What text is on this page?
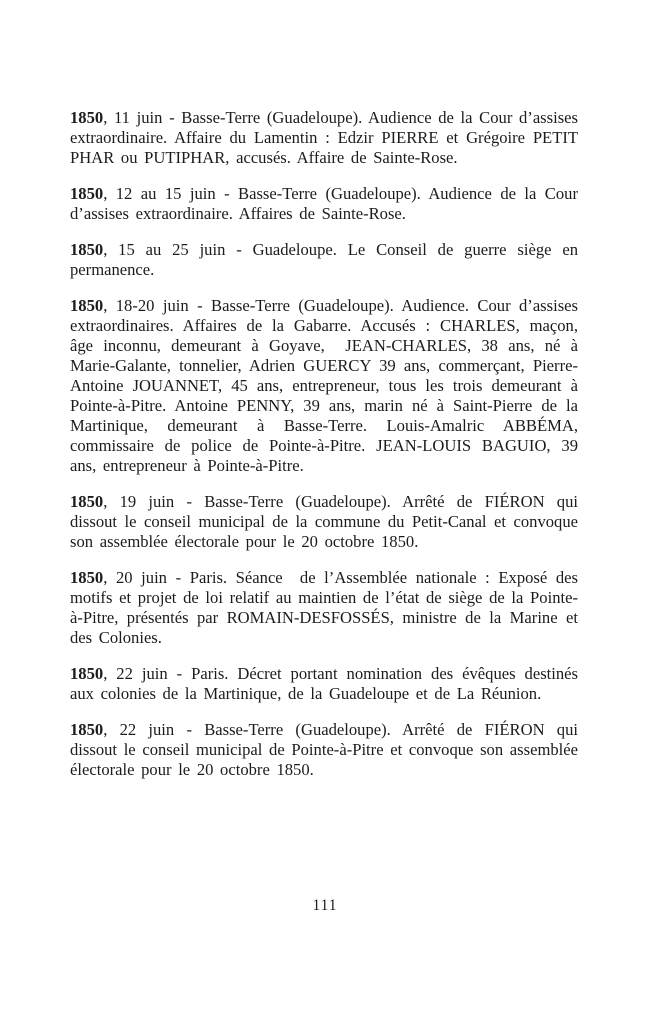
1850, 11 juin - Basse-Terre (Guadeloupe). Audience de la Cour d’assises extraordinaire. Affaire du Lamentin : Edzir PIERRE et Grégoire PETIT PHAR ou PUTIPHAR, accusés. Affaire de Sainte-Rose.

1850, 12 au 15 juin - Basse-Terre (Guadeloupe). Audience de la Cour d’assises extraordinaire. Affaires de Sainte-Rose.

1850, 15 au 25 juin - Guadeloupe. Le Conseil de guerre siège en permanence.

1850, 18-20 juin - Basse-Terre (Guadeloupe). Audience. Cour d’assises extraordinaires. Affaires de la Gabarre. Accusés : CHARLES, maçon, âge inconnu, demeurant à Goyave,  JEAN-CHARLES, 38 ans, né à Marie-Galante, tonnelier, Adrien GUERCY 39 ans, commerçant, Pierre-Antoine JOUANNET, 45 ans, entrepreneur, tous les trois demeurant à Pointe-à-Pitre. Antoine PENNY, 39 ans, marin né à Saint-Pierre de la Martinique, demeurant à Basse-Terre. Louis-Amalric ABBÉMA, commissaire de police de Pointe-à-Pitre. JEAN-LOUIS BAGUIO, 39 ans, entrepreneur à Pointe-à-Pitre.

1850, 19 juin - Basse-Terre (Guadeloupe). Arrêté de FIÉRON qui dissout le conseil municipal de la commune du Petit-Canal et convoque son assemblée électorale pour le 20 octobre 1850.

1850, 20 juin - Paris. Séance  de l’Assemblée nationale : Exposé des motifs et projet de loi relatif au maintien de l’état de siège de la Pointe-à-Pitre, présentés par ROMAIN-DESFOSSÉS, ministre de la Marine et des Colonies.

1850, 22 juin - Paris. Décret portant nomination des évêques destinés aux colonies de la Martinique, de la Guadeloupe et de La Réunion.

1850, 22 juin - Basse-Terre (Guadeloupe). Arrêté de FIÉRON qui dissout le conseil municipal de Pointe-à-Pitre et convoque son assemblée électorale pour le 20 octobre 1850.

111
